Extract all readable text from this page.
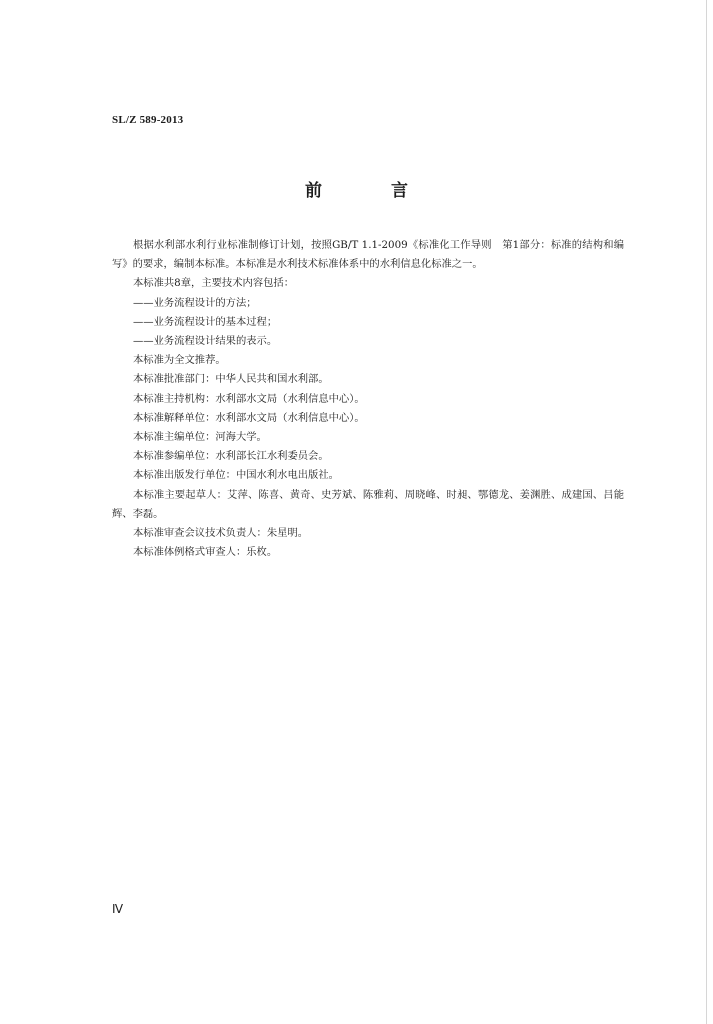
SL/Z 589-2013
前　言

根据水利部水利行业标准制修订计划，按照GB/T 1.1-2009《标准化工作导则　第1部分：标准的结构和编写》的要求，编制本标准。本标准是水利技术标准体系中的水利信息化标准之一。

本标准共8章，主要技术内容包括：

——业务流程设计的方法；

——业务流程设计的基本过程；

——业务流程设计结果的表示。

本标准为全文推荐。

本标准批准部门：中华人民共和国水利部。

本标准主持机构：水利部水文局（水利信息中心）。

本标准解释单位：水利部水文局（水利信息中心）。

本标准主编单位：河海大学。

本标准参编单位：水利部长江水利委员会。

本标准出版发行单位：中国水利水电出版社。

本标准主要起草人：艾萍、陈喜、黄奇、史芳斌、陈雅莉、周晓峰、时昶、鄂德龙、姜渊胜、成建国、吕能辉、李磊。

本标准审查会议技术负责人：朱星明。

本标准体例格式审查人：乐枚。

Ⅳ
